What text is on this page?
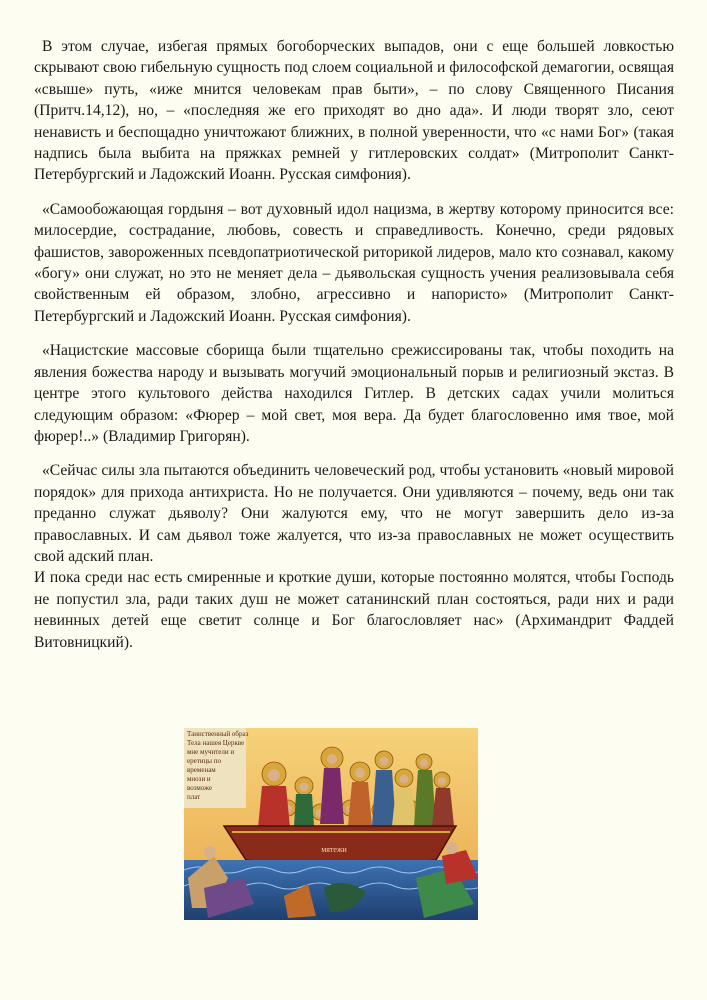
В этом случае, избегая прямых богоборческих выпадов, они с еще большей ловкостью скрывают свою гибельную сущность под слоем социальной и философской демагогии, освящая «свыше» путь, «иже мнится человекам прав быти», – по слову Священного Писания (Притч.14,12), но, – «последняя же его приходят во дно ада». И люди творят зло, сеют ненависть и беспощадно уничтожают ближних, в полной уверенности, что «с нами Бог» (такая надпись была выбита на пряжках ремней у гитлеровских солдат» (Митрополит Санкт-Петербургский и Ладожский Иоанн. Русская симфония).

«Самообожающая гордыня – вот духовный идол нацизма, в жертву которому приносится все: милосердие, сострадание, любовь, совесть и справедливость. Конечно, среди рядовых фашистов, завороженных псевдопатриотической риторикой лидеров, мало кто сознавал, какому «богу» они служат, но это не меняет дела – дьявольская сущность учения реализовывала себя свойственным ей образом, злобно, агрессивно и напористо» (Митрополит Санкт-Петербургский и Ладожский Иоанн. Русская симфония).

«Нацистские массовые сборища были тщательно срежиссированы так, чтобы походить на явления божества народу и вызывать могучий эмоциональный порыв и религиозный экстаз. В центре этого культового действа находился Гитлер. В детских садах учили молиться следующим образом: «Фюрер – мой свет, моя вера. Да будет благословенно имя твое, мой фюрер!..» (Владимир Григорян).

«Сейчас силы зла пытаются объединить человеческий род, чтобы установить «новый мировой порядок» для прихода антихриста. Но не получается. Они удивляются – почему, ведь они так преданно служат дьяволу? Они жалуются ему, что не могут завершить дело из-за православных. И сам дьявол тоже жалуется, что из-за православных не может осуществить свой адский план.

И пока среди нас есть смиренные и кроткие души, которые постоянно молятся, чтобы Господь не попустил зла, ради таких душ не может сатанинский план состояться, ради них и ради невинных детей еще светит солнце и Бог благословляет нас» (Архимандрит Фаддей Витовницкий).

Таинственный образ
Тела нашея Церкве
мне мучители и
еретицы по
временам
мнози и
возможе
плат
мятежи
